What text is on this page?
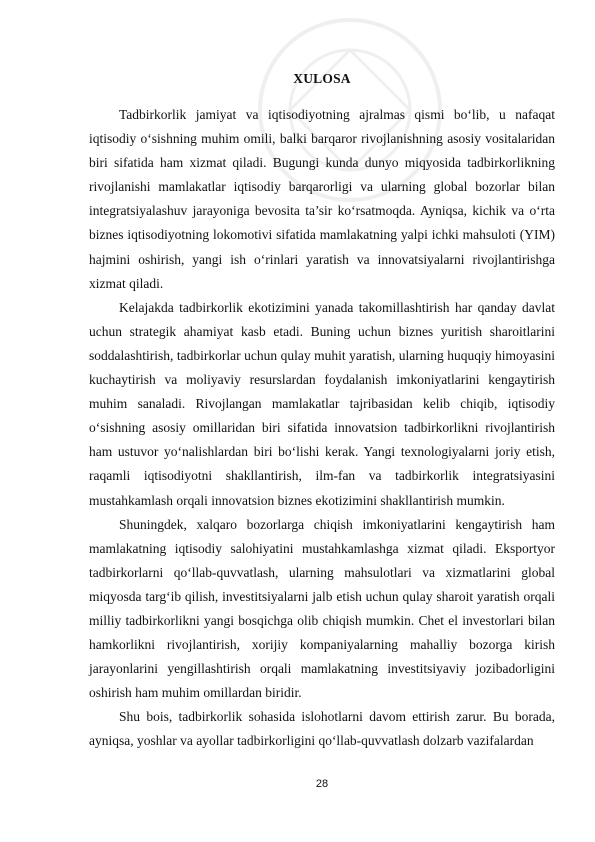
XULOSA

Tadbirkorlik jamiyat va iqtisodiyotning ajralmas qismi bo‘lib, u nafaqat iqtisodiy o‘sishning muhim omili, balki barqaror rivojlanishning asosiy vositalaridan biri sifatida ham xizmat qiladi. Bugungi kunda dunyo miqyosida tadbirkorlikning rivojlanishi mamlakatlar iqtisodiy barqarorligi va ularning global bozorlar bilan integratsiyalashuv jarayoniga bevosita ta’sir ko‘rsatmoqda. Ayniqsa, kichik va o‘rta biznes iqtisodiyotning lokomotivi sifatida mamlakatning yalpi ichki mahsuloti (YIM) hajmini oshirish, yangi ish o‘rinlari yaratish va innovatsiyalarni rivojlantirishga xizmat qiladi.

Kelajakda tadbirkorlik ekotizimini yanada takomillashtirish har qanday davlat uchun strategik ahamiyat kasb etadi. Buning uchun biznes yuritish sharoitlarini soddalashtirish, tadbirkorlar uchun qulay muhit yaratish, ularning huquqiy himoyasini kuchaytirish va moliyaviy resurslardan foydalanish imkoniyatlarini kengaytirish muhim sanaladi. Rivojlangan mamlakatlar tajribasidan kelib chiqib, iqtisodiy o‘sishning asosiy omillaridan biri sifatida innovatsion tadbirkorlikni rivojlantirish ham ustuvor yo‘nalishlardan biri bo‘lishi kerak. Yangi texnologiyalarni joriy etish, raqamli iqtisodiyotni shakllantirish, ilm-fan va tadbirkorlik integratsiyasini mustahkamlash orqali innovatsion biznes ekotizimini shakllantirish mumkin.

Shuningdek, xalqaro bozorlarga chiqish imkoniyatlarini kengaytirish ham mamlakatning iqtisodiy salohiyatini mustahkamlashga xizmat qiladi. Eksportyor tadbirkorlarni qo‘llab-quvvatlash, ularning mahsulotlari va xizmatlarini global miqyosda targ‘ib qilish, investitsiyalarni jalb etish uchun qulay sharoit yaratish orqali milliy tadbirkorlikni yangi bosqichga olib chiqish mumkin. Chet el investorlari bilan hamkorlikni rivojlantirish, xorijiy kompaniyalarning mahalliy bozorga kirish jarayonlarini yengillashtirish orqali mamlakatning investitsiyaviy jozibadorligini oshirish ham muhim omillardan biridir.

Shu bois, tadbirkorlik sohasida islohotlarni davom ettirish zarur. Bu borada, ayniqsa, yoshlar va ayollar tadbirkorligini qo‘llab-quvvatlash dolzarb vazifalardan

28
